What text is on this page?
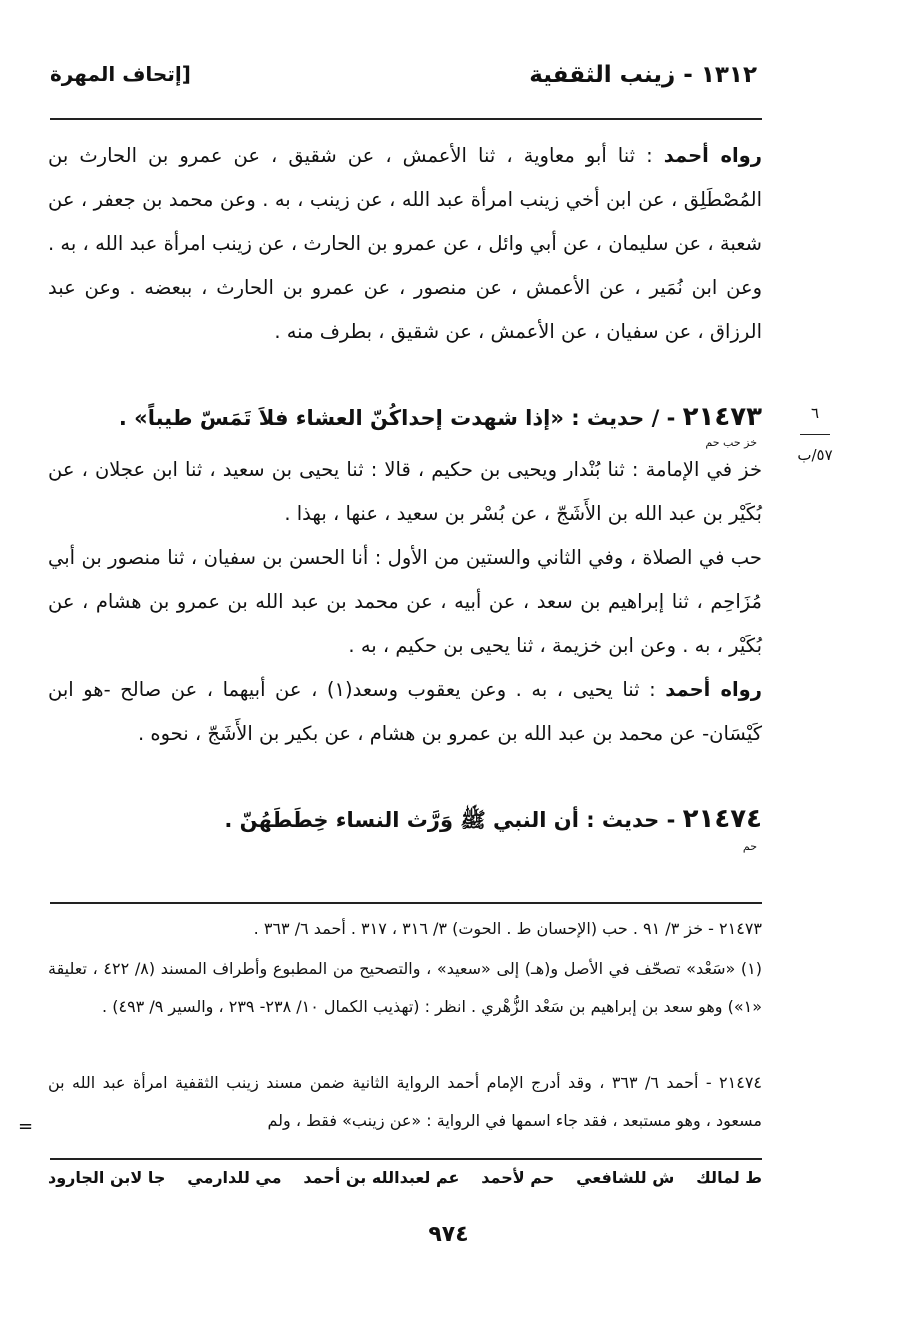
١٣١٢ - زينب الثقفية
[إتحاف المهرة
رواه أحمد : ثنا أبو معاوية ، ثنا الأعمش ، عن شقيق ، عن عمرو بن الحارث بن المُصْطَلِق ، عن ابن أخي زينب امرأة عبد الله ، عن زينب ، به . وعن محمد بن جعفر ، عن شعبة ، عن سليمان ، عن أبي وائل ، عن عمرو بن الحارث ، عن زينب امرأة عبد الله ، به . وعن ابن نُمَير ، عن الأعمش ، عن منصور ، عن عمرو بن الحارث ، ببعضه . وعن عبد الرزاق ، عن سفيان ، عن الأعمش ، عن شقيق ، بطرف منه .
٦
٥٧/ب
٢١٤٧٣ - / حديث : «إذا شهدت إحداكُنّ العشاء فلاَ تَمَسّ طيباً» .
خز حب حم
خز في الإمامة : ثنا بُنْدار ويحيى بن حكيم ، قالا : ثنا يحيى بن سعيد ، ثنا ابن عجلان ، عن بُكَيْر بن عبد الله بن الأَشَجّ ، عن بُسْر بن سعيد ، عنها ، بهذا .
حب في الصلاة ، وفي الثاني والستين من الأول : أنا الحسن بن سفيان ، ثنا منصور بن أبي مُزَاحِم ، ثنا إبراهيم بن سعد ، عن أبيه ، عن محمد بن عبد الله بن عمرو بن هشام ، عن بُكَيْر ، به . وعن ابن خزيمة ، ثنا يحيى بن حكيم ، به .
رواه أحمد : ثنا يحيى ، به . وعن يعقوب وسعد(١) ، عن أبيهما ، عن صالح -هو ابن كَيْسَان- عن محمد بن عبد الله بن عمرو بن هشام ، عن بكير بن الأَشَجّ ، نحوه .
٢١٤٧٤ - حديث : أن النبي ﷺ وَرَّث النساء خِطَطَهُنّ .
حم
٢١٤٧٣ - خز ٣/ ٩١ . حب (الإحسان ط . الحوت) ٣/ ٣١٦ ، ٣١٧ . أحمد ٦/ ٣٦٣ .
(١) «سَعْد» تصحّف في الأصل و(هـ) إلى «سعيد» ، والتصحيح من المطبوع وأطراف المسند (٨/ ٤٢٢ ، تعليقة «١») وهو سعد بن إبراهيم بن سَعْد الزُّهْري . انظر : (تهذيب الكمال ١٠/ ٢٣٨- ٢٣٩ ، والسير ٩/ ٤٩٣) .
٢١٤٧٤ - أحمد ٦/ ٣٦٣ ، وقد أدرج الإمام أحمد الرواية الثانية ضمن مسند زينب الثقفية امرأة عبد الله بن مسعود ، وهو مستبعد ، فقد جاء اسمها في الرواية : «عن زينب» فقط ، ولم
=
ط لمالك
ش للشافعي
حم لأحمد
عم لعبدالله بن أحمد
مي للدارمي
جا لابن الجارود
٩٧٤
